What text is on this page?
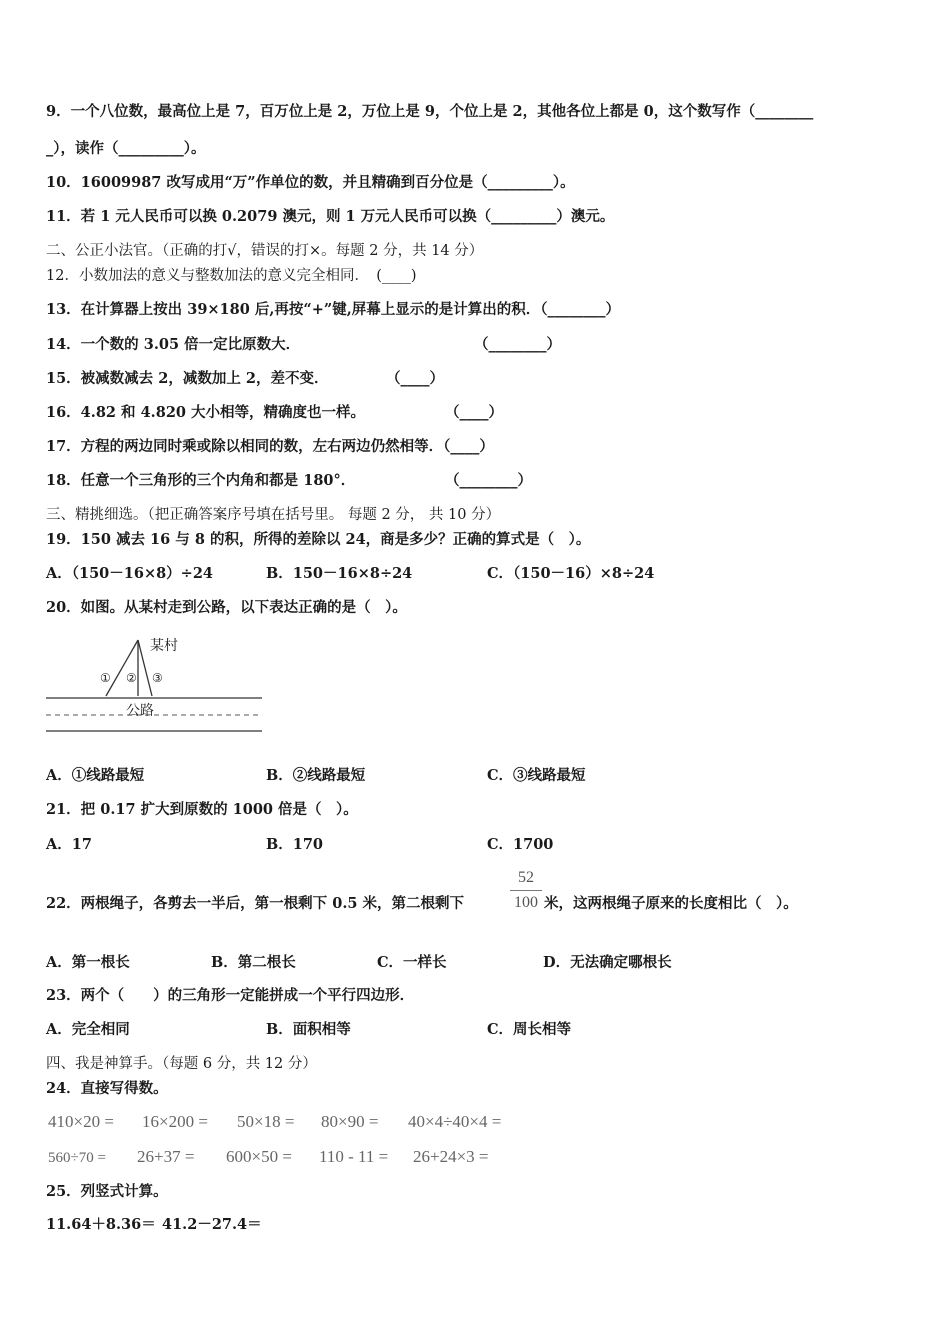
9．一个八位数，最高位上是 7，百万位上是 2，万位上是 9，个位上是 2，其他各位上都是 0，这个数写作（________
_），读作（_________）。
10．16009987 改写成用“万”作单位的数，并且精确到百分位是（_________）。
11．若 1 元人民币可以换 0.2079 澳元，则 1 万元人民币可以换（_________）澳元。
二、公正小法官。（正确的打√，错误的打×。每题 2 分，共 14 分）
12．小数加法的意义与整数加法的意义完全相同．　(____)
13．在计算器上按出 39×180 后,再按“+”键,屏幕上显示的是计算出的积．（________）
14．一个数的 3.05 倍一定比原数大．	（________）
15．被减数减去 2，减数加上 2，差不变．	（____）
16．4.82 和 4.820 大小相等，精确度也一样。	（____）
17．方程的两边同时乘或除以相同的数，左右两边仍然相等．（____）
18．任意一个三角形的三个内角和都是 180°．	（________）
三、精挑细选。（把正确答案序号填在括号里。 每题 2 分， 共 10 分）
19．150 减去 16 与 8 的积，所得的差除以 24，商是多少？正确的算式是（　）。
A．（150－16×8）÷24	B．150－16×8÷24	C．（150－16）×8÷24
20．如图。从某村走到公路，以下表达正确的是（　）。
某村
① ② ③
公路
A．①线路最短	B．②线路最短	C．③线路最短
21．把 0.17 扩大到原数的 1000 倍是（　）。
A．17	B．170	C．1700
22．两根绳子，各剪去一半后，第一根剩下 0.5 米，第二根剩下
52
100 米，这两根绳子原来的长度相比（　）。
A．第一根长	B．第二根长	C．一样长	D．无法确定哪根长
23．两个（　　）的三角形一定能拼成一个平行四边形．
A．完全相同	B．面积相等	C．周长相等
四、我是神算手。（每题 6 分，共 12 分）
24．直接写得数。
410×20 = 16×200 = 50×18 = 80×90 = 40×4÷40×4 =
560÷70 = 26+37 = 600×50 = 110 - 11 = 26+24×3 =
25．列竖式计算。
11.64＋8.36＝ 41.2－27.4＝
